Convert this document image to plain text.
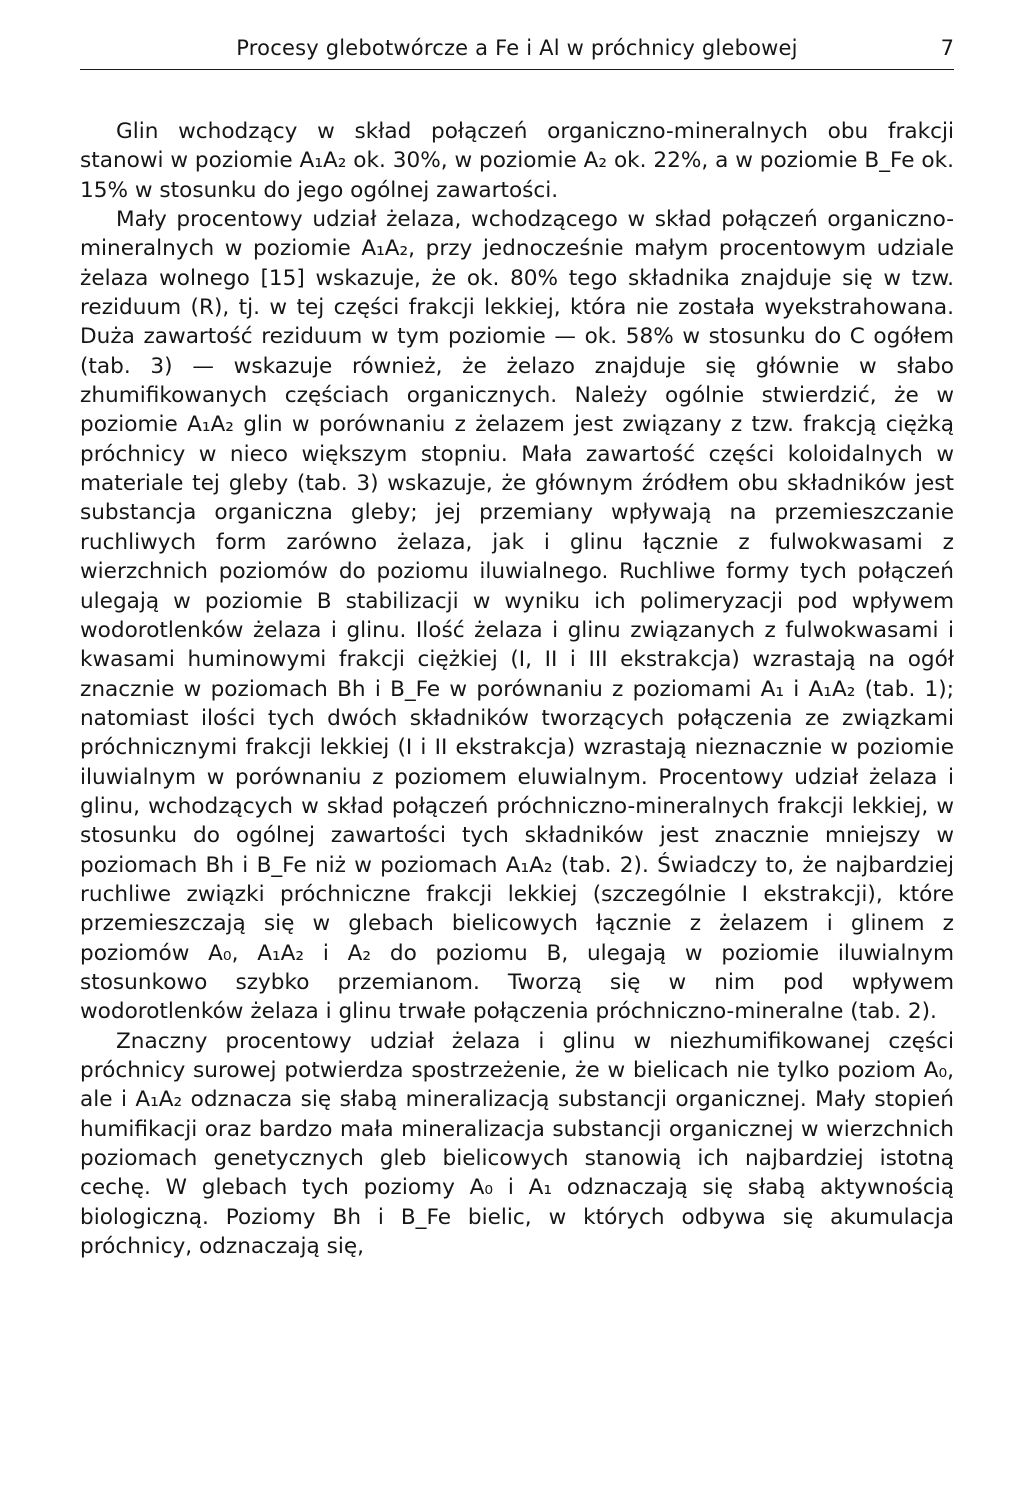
Procesy glebotwórcze a Fe i Al w próchnicy glebowej	7

Glin wchodzący w skład połączeń organiczno-mineralnych obu frakcji stanowi w poziomie A₁A₂ ok. 30%, w poziomie A₂ ok. 22%, a w poziomie B_Fe ok. 15% w stosunku do jego ogólnej zawartości.

Mały procentowy udział żelaza, wchodzącego w skład połączeń organiczno-mineralnych w poziomie A₁A₂, przy jednocześnie małym procentowym udziale żelaza wolnego [15] wskazuje, że ok. 80% tego składnika znajduje się w tzw. reziduum (R), tj. w tej części frakcji lekkiej, która nie została wyekstrahowana. Duża zawartość reziduum w tym poziomie — ok. 58% w stosunku do C ogółem (tab. 3) — wskazuje również, że żelazo znajduje się głównie w słabo zhumifikowanych częściach organicznych. Należy ogólnie stwierdzić, że w poziomie A₁A₂ glin w porównaniu z żelazem jest związany z tzw. frakcją ciężką próchnicy w nieco większym stopniu. Mała zawartość części koloidalnych w materiale tej gleby (tab. 3) wskazuje, że głównym źródłem obu składników jest substancja organiczna gleby; jej przemiany wpływają na przemieszczanie ruchliwych form zarówno żelaza, jak i glinu łącznie z fulwokwasami z wierzchnich poziomów do poziomu iluwialnego. Ruchliwe formy tych połączeń ulegają w poziomie B stabilizacji w wyniku ich polimeryzacji pod wpływem wodorotlenków żelaza i glinu. Ilość żelaza i glinu związanych z fulwokwasami i kwasami huminowymi frakcji ciężkiej (I, II i III ekstrakcja) wzrastają na ogół znacznie w poziomach Bh i B_Fe w porównaniu z poziomami A₁ i A₁A₂ (tab. 1); natomiast ilości tych dwóch składników tworzących połączenia ze związkami próchnicznymi frakcji lekkiej (I i II ekstrakcja) wzrastają nieznacznie w poziomie iluwialnym w porównaniu z poziomem eluwialnym. Procentowy udział żelaza i glinu, wchodzących w skład połączeń próchniczno-mineralnych frakcji lekkiej, w stosunku do ogólnej zawartości tych składników jest znacznie mniejszy w poziomach Bh i B_Fe niż w poziomach A₁A₂ (tab. 2). Świadczy to, że najbardziej ruchliwe związki próchniczne frakcji lekkiej (szczególnie I ekstrakcji), które przemieszczają się w glebach bielicowych łącznie z żelazem i glinem z poziomów A₀, A₁A₂ i A₂ do poziomu B, ulegają w poziomie iluwialnym stosunkowo szybko przemianom. Tworzą się w nim pod wpływem wodorotlenków żelaza i glinu trwałe połączenia próchniczno-mineralne (tab. 2).

Znaczny procentowy udział żelaza i glinu w niezhumifikowanej części próchnicy surowej potwierdza spostrzeżenie, że w bielicach nie tylko poziom A₀, ale i A₁A₂ odznacza się słabą mineralizacją substancji organicznej. Mały stopień humifikacji oraz bardzo mała mineralizacja substancji organicznej w wierzchnich poziomach genetycznych gleb bielicowych stanowią ich najbardziej istotną cechę. W glebach tych poziomy A₀ i A₁ odznaczają się słabą aktywnością biologiczną. Poziomy Bh i B_Fe bielic, w których odbywa się akumulacja próchnicy, odznaczają się,
